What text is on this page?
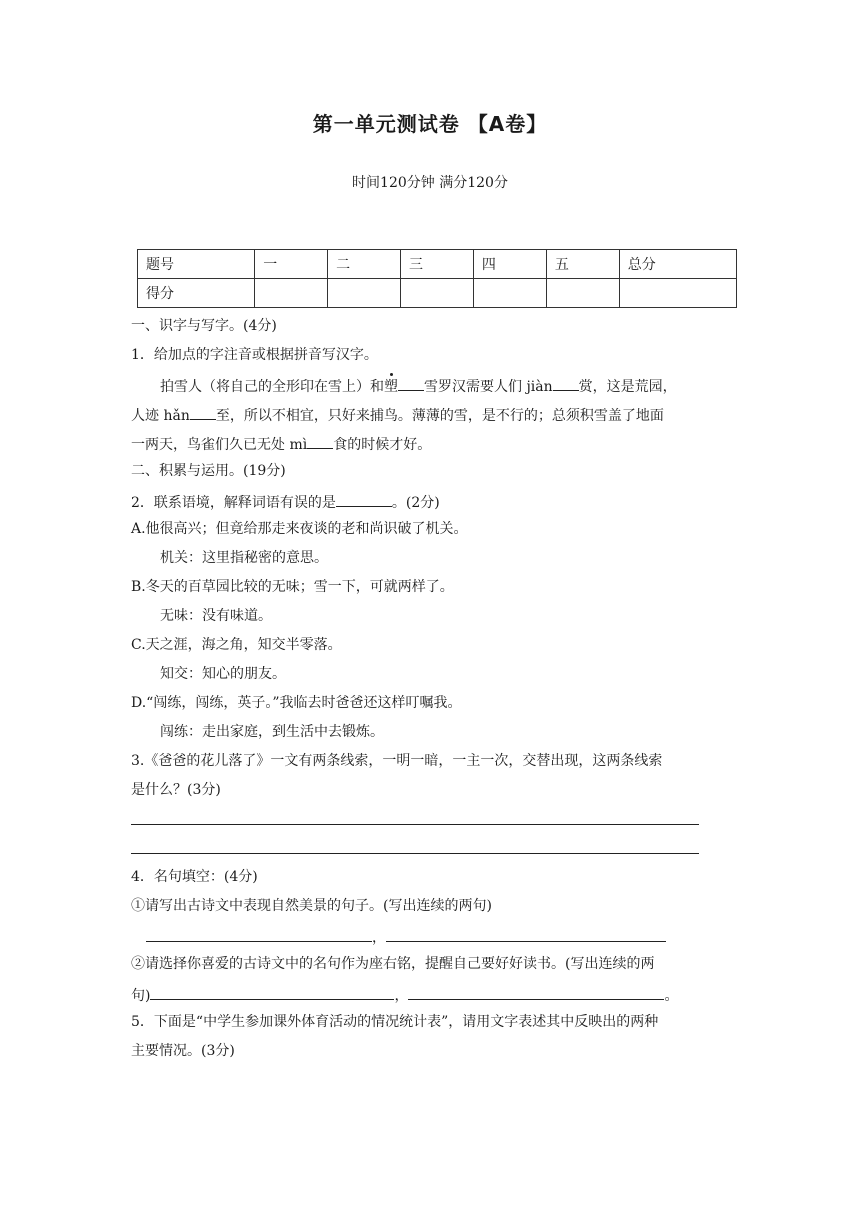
第一单元测试卷 【A卷】
时间120分钟 满分120分
题号	一	二	三	四	五	总分
得分						
一、识字与写字。(4分)
1．给加点的字注音或根据拼音写汉字。
拍雪人（将自己的全形印在雪上）和塑 雪罗汉需要人们 jiàn 赏，这是荒园，
人迹 hǎn 至，所以不相宜，只好来捕鸟。薄薄的雪，是不行的；总须积雪盖了地面
一两天，鸟雀们久已无处 mì 食的时候才好。
二、积累与运用。(19分)
2．联系语境，解释词语有误的是	。(2分)
A.他很高兴；但竟给那走来夜谈的老和尚识破了机关。
机关：这里指秘密的意思。
B.冬天的百草园比较的无味；雪一下，可就两样了。
无味：没有味道。
C.天之涯，海之角，知交半零落。
知交：知心的朋友。
D.“闯练，闯练，英子。”我临去时爸爸还这样叮嘱我。
闯练：走出家庭，到生活中去锻炼。
3.《爸爸的花儿落了》一文有两条线索，一明一暗，一主一次，交替出现，这两条线索
是什么？(3分)
4．名句填空：(4分)
①请写出古诗文中表现自然美景的句子。(写出连续的两句)
，
②请选择你喜爱的古诗文中的名句作为座右铭，提醒自己要好好读书。(写出连续的两
句)	，	。
5．下面是“中学生参加课外体育活动的情况统计表”，请用文字表述其中反映出的两种
主要情况。(3分)
